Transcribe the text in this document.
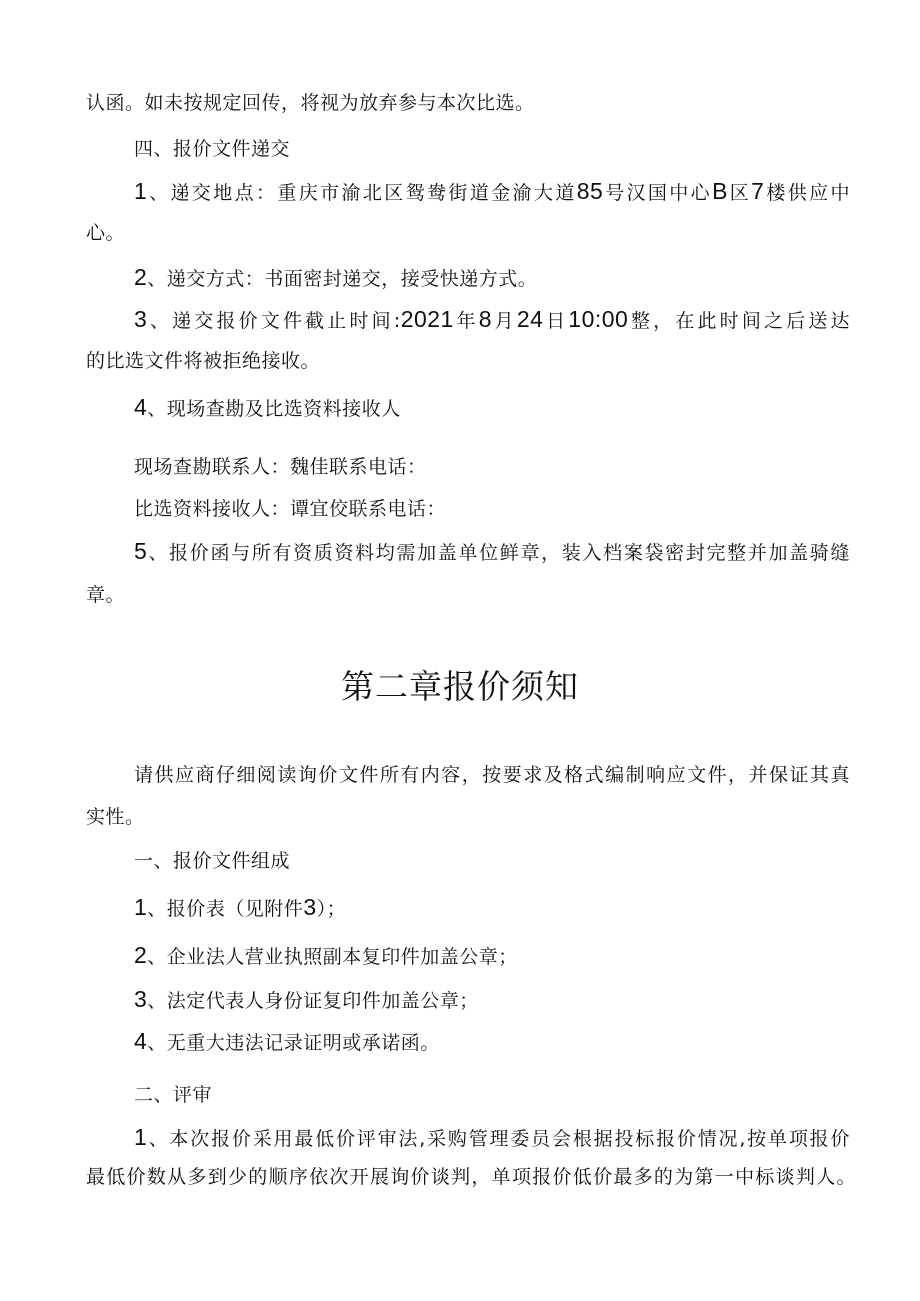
认函。如未按规定回传，将视为放弃参与本次比选。
四、报价文件递交
1、递交地点：重庆市渝北区鸳鸯街道金渝大道85号汉国中心B区7楼供应中
心。
2、递交方式：书面密封递交，接受快递方式。
3、递交报价文件截止时间:2021年8月24日10:00整，在此时间之后送达
的比选文件将被拒绝接收。
4、现场查勘及比选资料接收人
现场查勘联系人：魏佳联系电话：
比选资料接收人：谭宜佼联系电话：
5、报价函与所有资质资料均需加盖单位鲜章，装入档案袋密封完整并加盖骑缝
章。
第二章报价须知
请供应商仔细阅读询价文件所有内容，按要求及格式编制响应文件，并保证其真
实性。
一、报价文件组成
1、报价表（见附件3）；
2、企业法人营业执照副本复印件加盖公章；
3、法定代表人身份证复印件加盖公章；
4、无重大违法记录证明或承诺函。
二、评审
1、本次报价采用最低价评审法,采购管理委员会根据投标报价情况,按单项报价
最低价数从多到少的顺序依次开展询价谈判，单项报价低价最多的为第一中标谈判人。
